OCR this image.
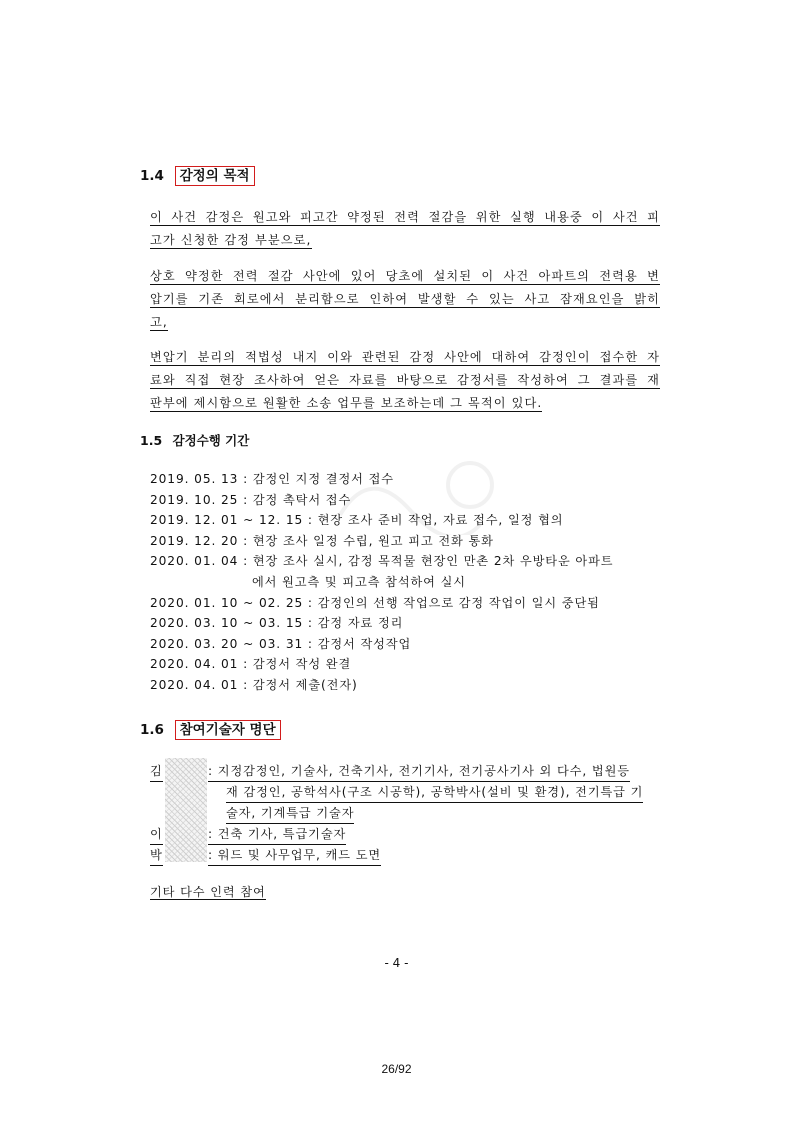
1.4 감정의 목적
이 사건 감정은 원고와 피고간 약정된 전력 절감을 위한 실행 내용중 이 사건 피
고가 신청한 감정 부분으로,
상호 약정한 전력 절감 사안에 있어 당초에 설치된 이 사건 아파트의 전력용 변
압기를 기존 회로에서 분리함으로 인하여 발생할 수 있는 사고 잠재요인을 밝히
고,
변압기 분리의 적법성 내지 이와 관련된 감정 사안에 대하여 감정인이 접수한 자
료와 직접 현장 조사하여 얻은 자료를 바탕으로 감정서를 작성하여 그 결과를 재
판부에 제시함으로 원활한 소송 업무를 보조하는데 그 목적이 있다.
1.5 감정수행 기간
2019. 05. 13 : 감정인 지정 결정서 접수
2019. 10. 25 : 감정 촉탁서 접수
2019. 12. 01 ~ 12. 15 : 현장 조사 준비 작업, 자료 접수, 일정 협의
2019. 12. 20 : 현장 조사 일정 수립, 원고 피고 전화 통화
2020. 01. 04 : 현장 조사 실시, 감정 목적물 현장인 만촌 2차 우방타운 아파트
에서 원고측 및 피고측 참석하여 실시
2020. 01. 10 ~ 02. 25 : 감정인의 선행 작업으로 감정 작업이 일시 중단됨
2020. 03. 10 ~ 03. 15 : 감정 자료 정리
2020. 03. 20 ~ 03. 31 : 감정서 작성작업
2020. 04. 01 : 감정서 작성 완결
2020. 04. 01 : 감정서 제출(전자)
1.6 참여기술자 명단
김	: 지정감정인, 기술사, 건축기사, 전기기사, 전기공사기사 외 다수, 법원등
재 감정인, 공학석사(구조 시공학), 공학박사(설비 및 환경), 전기특급 기
술자, 기계특급 기술자
이	: 건축 기사, 특급기술자
박	: 워드 및 사무업무, 캐드 도면
기타 다수 인력 참여
- 4 -
26/92
